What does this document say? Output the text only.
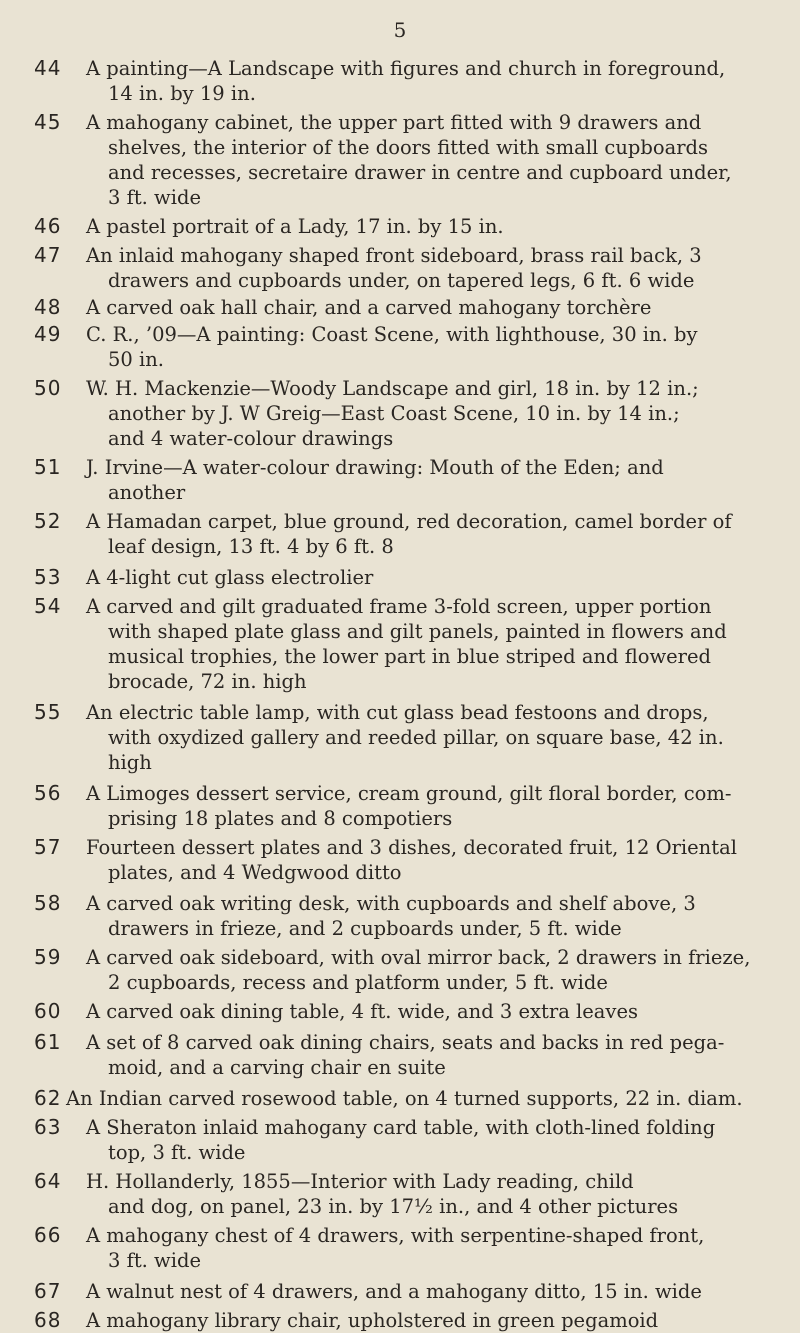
5
44 A painting—A Landscape with figures and church in foreground,
14 in. by 19 in.
45 A mahogany cabinet, the upper part fitted with 9 drawers and
shelves, the interior of the doors fitted with small cupboards
and recesses, secretaire drawer in centre and cupboard under,
3 ft. wide
46 A pastel portrait of a Lady, 17 in. by 15 in.
47 An inlaid mahogany shaped front sideboard, brass rail back, 3
drawers and cupboards under, on tapered legs, 6 ft. 6 wide
48 A carved oak hall chair, and a carved mahogany torchère
49 C. R., ’09—A painting: Coast Scene, with lighthouse, 30 in. by
50 in.
50 W. H. Mackenzie—Woody Landscape and girl, 18 in. by 12 in.;
another by J. W Greig—East Coast Scene, 10 in. by 14 in.;
and 4 water-colour drawings
51 J. Irvine—A water-colour drawing: Mouth of the Eden; and
another
52 A Hamadan carpet, blue ground, red decoration, camel border of
leaf design, 13 ft. 4 by 6 ft. 8
53 A 4-light cut glass electrolier
54 A carved and gilt graduated frame 3-fold screen, upper portion
with shaped plate glass and gilt panels, painted in flowers and
musical trophies, the lower part in blue striped and flowered
brocade, 72 in. high
55 An electric table lamp, with cut glass bead festoons and drops,
with oxydized gallery and reeded pillar, on square base, 42 in.
high
56 A Limoges dessert service, cream ground, gilt floral border, com-
prising 18 plates and 8 compotiers
57 Fourteen dessert plates and 3 dishes, decorated fruit, 12 Oriental
plates, and 4 Wedgwood ditto
58 A carved oak writing desk, with cupboards and shelf above, 3
drawers in frieze, and 2 cupboards under, 5 ft. wide
59 A carved oak sideboard, with oval mirror back, 2 drawers in frieze,
2 cupboards, recess and platform under, 5 ft. wide
60 A carved oak dining table, 4 ft. wide, and 3 extra leaves
61 A set of 8 carved oak dining chairs, seats and backs in red pega-
moid, and a carving chair en suite
62 An Indian carved rosewood table, on 4 turned supports, 22 in. diam.
63 A Sheraton inlaid mahogany card table, with cloth-lined folding
top, 3 ft. wide
64 H. Hollanderly, 1855—Interior with Lady reading, child
and dog, on panel, 23 in. by 17½ in., and 4 other pictures
66 A mahogany chest of 4 drawers, with serpentine-shaped front,
3 ft. wide
67 A walnut nest of 4 drawers, and a mahogany ditto, 15 in. wide
68 A mahogany library chair, upholstered in green pegamoid
